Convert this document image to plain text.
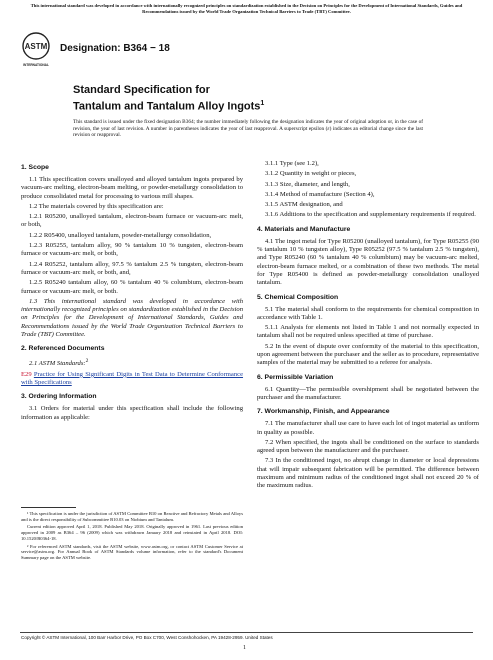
This international standard was developed in accordance with internationally recognized principles on standardization established in the Decision on Principles for the Development of International Standards, Guides and Recommendations issued by the World Trade Organization Technical Barriers to Trade (TBT) Committee.
ASTM
INTERNATIONAL
Designation: B364 − 18
Standard Specification for
Tantalum and Tantalum Alloy Ingots$^1$
This standard is issued under the fixed designation B364; the number immediately following the designation indicates the year of original adoption or, in the case of revision, the year of last revision. A number in parentheses indicates the year of last reapproval. A superscript epsilon (ε) indicates an editorial change since the last revision or reapproval.
1. Scope

1.1 This specification covers unalloyed and alloyed tantalum ingots prepared by vacuum-arc melting, electron-beam melting, or powder-metallurgy consolidation to produce consolidated metal for processing to various mill shapes.

1.2 The materials covered by this specification are:

1.2.1 R05200, unalloyed tantalum, electron-beam furnace or vacuum-arc melt, or both,

1.2.2 R05400, unalloyed tantalum, powder-metallurgy consolidation,

1.2.3 R05255, tantalum alloy, 90 % tantalum 10 % tungsten, electron-beam furnace or vacuum-arc melt, or both,

1.2.4 R05252, tantalum alloy, 97.5 % tantalum 2.5 % tungsten, electron-beam furnace or vacuum-arc melt, or both, and,

1.2.5 R05240 tantalum alloy, 60 % tantalum 40 % columbium, electron-beam furnace or vacuum-arc melt, or both.

1.3 This international standard was developed in accordance with internationally recognized principles on standardization established in the Decision on Principles for the Development of International Standards, Guides and Recommendations issued by the World Trade Organization Technical Barriers to Trade (TBT) Committee.

2. Referenced Documents

2.1 ASTM Standards:$^2$

E29 Practice for Using Significant Digits in Test Data to Determine Conformance with Specifications

3. Ordering Information

3.1 Orders for material under this specification shall include the following information as applicable:

¹ This specification is under the jurisdiction of ASTM Committee B10 on Reactive and Refractory Metals and Alloys and is the direct responsibility of Subcommittee B10.03 on Niobium and Tantalum.

Current edition approved April 1, 2018. Published May 2018. Originally approved in 1961. Last previous edition approved in 2009 as B364 – 96 (2009) which was withdrawn January 2018 and reinstated in April 2018. DOI: 10.1520/B0364-18.

² For referenced ASTM standards, visit the ASTM website, www.astm.org, or contact ASTM Customer Service at service@astm.org. For Annual Book of ASTM Standards volume information, refer to the standard's Document Summary page on the ASTM website.

3.1.1 Type (see 1.2),

3.1.2 Quantity in weight or pieces,

3.1.3 Size, diameter, and length,

3.1.4 Method of manufacture (Section 4),

3.1.5 ASTM designation, and

3.1.6 Additions to the specification and supplementary requirements if required.

4. Materials and Manufacture

4.1 The ingot metal for Type R05200 (unalloyed tantalum), for Type R05255 (90 % tantalum 10 % tungsten alloy), Type R05252 (97.5 % tantalum 2.5 % tungsten), and Type R05240 (60 % tantalum 40 % columbium) may be vacuum-arc melted, electron-beam furnace melted, or a combination of these two methods. The metal for Type R05400 is defined as powder-metallurgy consolidation unalloyed tantalum.

5. Chemical Composition

5.1 The material shall conform to the requirements for chemical composition in accordance with Table 1.

5.1.1 Analysis for elements not listed in Table 1 and not normally expected in tantalum shall not be required unless specified at time of purchase.

5.2 In the event of dispute over conformity of the material to this specification, upon agreement between the purchaser and the seller as to procedure, representative samples of the material may be submitted to a referee for analysis.

6. Permissible Variation

6.1 Quantity—The permissible overshipment shall be negotiated between the purchaser and the manufacturer.

7. Workmanship, Finish, and Appearance

7.1 The manufacturer shall use care to have each lot of ingot material as uniform in quality as possible.

7.2 When specified, the ingots shall be conditioned on the surface to standards agreed upon between the manufacturer and the purchaser.

7.3 In the conditioned ingot, no abrupt change in diameter or local depressions that will impair subsequent fabrication will be permitted. The difference between maximum and minimum radius of the conditioned ingot shall not exceed 20 % of the maximum radius.

Copyright © ASTM International, 100 Barr Harbor Drive, PO Box C700, West Conshohocken, PA 19428-2959. United States
1
